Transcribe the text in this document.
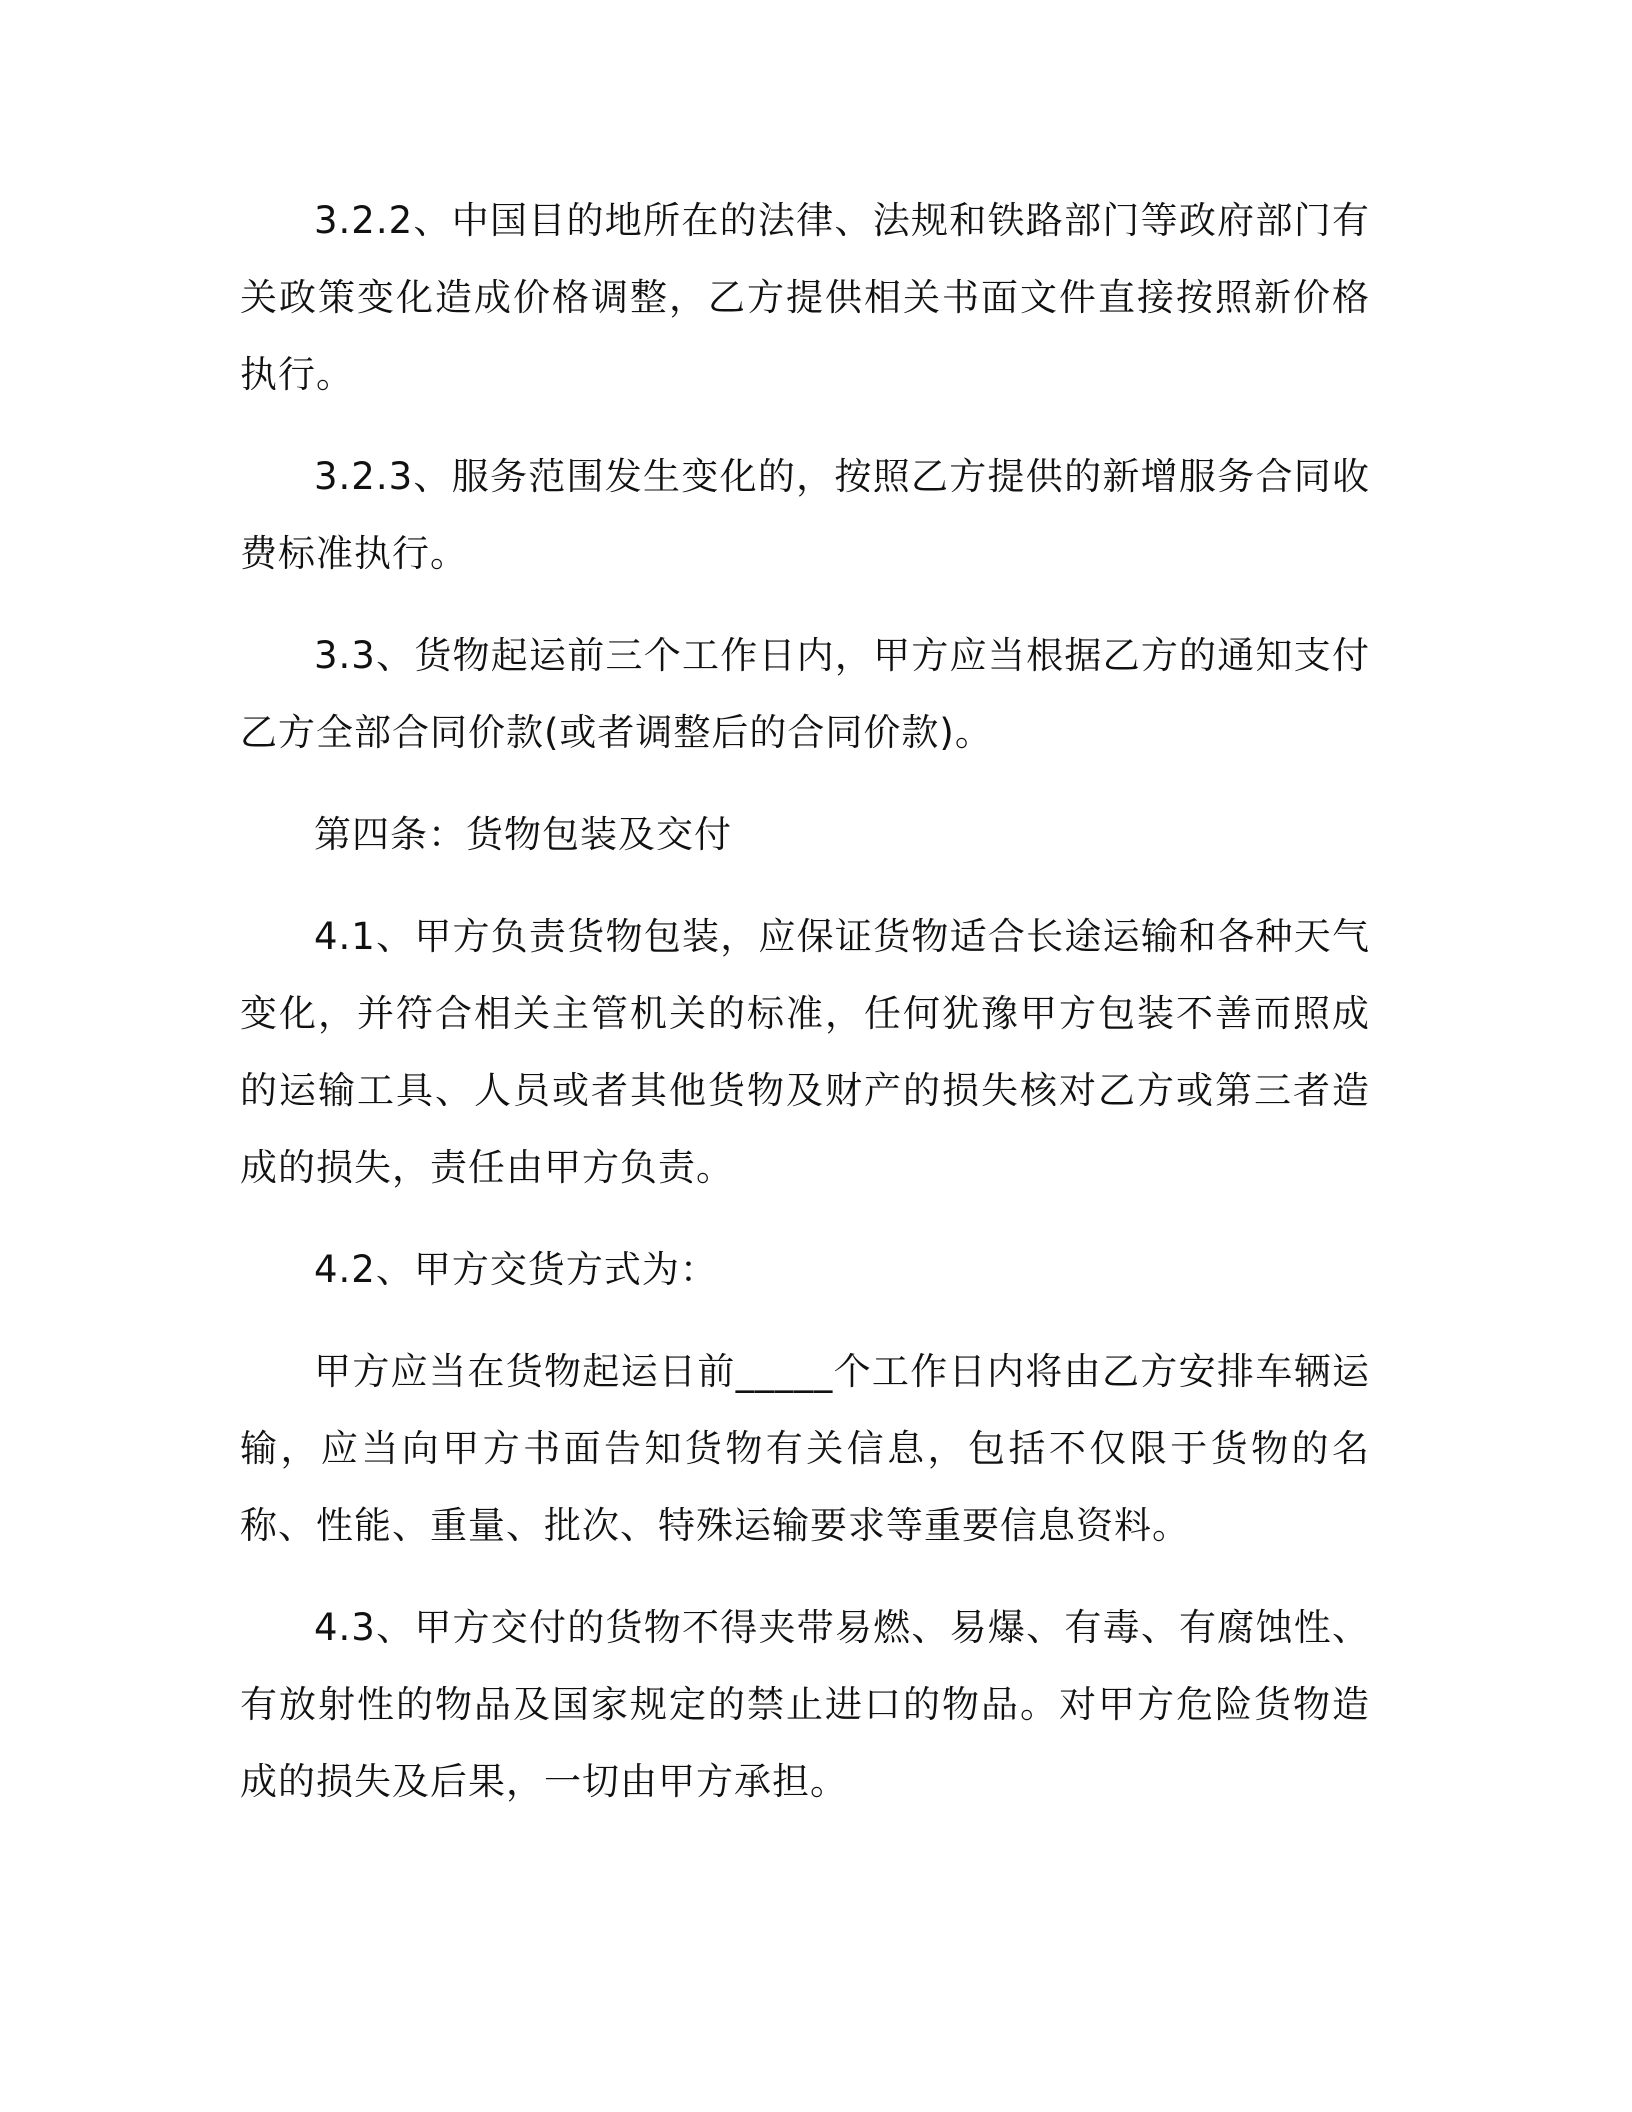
3.2.2、中国目的地所在的法律、法规和铁路部门等政府部门有关政策变化造成价格调整，乙方提供相关书面文件直接按照新价格执行。

3.2.3、服务范围发生变化的，按照乙方提供的新增服务合同收费标准执行。

3.3、货物起运前三个工作日内，甲方应当根据乙方的通知支付乙方全部合同价款(或者调整后的合同价款)。

第四条：货物包装及交付

4.1、甲方负责货物包装，应保证货物适合长途运输和各种天气变化，并符合相关主管机关的标准，任何犹豫甲方包装不善而照成的运输工具、人员或者其他货物及财产的损失核对乙方或第三者造成的损失，责任由甲方负责。

4.2、甲方交货方式为：

甲方应当在货物起运日前_____个工作日内将由乙方安排车辆运输，应当向甲方书面告知货物有关信息，包括不仅限于货物的名称、性能、重量、批次、特殊运输要求等重要信息资料。

4.3、甲方交付的货物不得夹带易燃、易爆、有毒、有腐蚀性、有放射性的物品及国家规定的禁止进口的物品。对甲方危险货物造成的损失及后果，一切由甲方承担。
